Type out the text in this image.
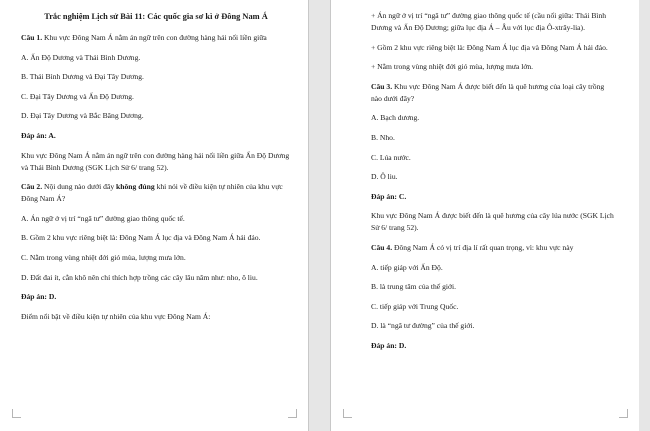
Trắc nghiệm Lịch sử Bài 11: Các quốc gia sơ kì ở Đông Nam Á
Câu 1. Khu vực Đông Nam Á nằm án ngữ trên con đường hàng hải nối liền giữa
A. Ấn Độ Dương và Thái Bình Dương.
B. Thái Bình Dương và Đại Tây Dương.
C. Đại Tây Dương và Ấn Độ Dương.
D. Đại Tây Dương và Bắc Băng Dương.
Đáp án: A.
Khu vực Đông Nam Á nằm án ngữ trên con đường hàng hải nối liền giữa Ấn Độ Dương và Thái Bình Dương (SGK Lịch Sử 6/ trang 52).
Câu 2. Nội dung nào dưới đây không đúng khi nói về điều kiện tự nhiên của khu vực Đông Nam Á?
A. Án ngữ ở vị trí “ngã tư” đường giao thông quốc tế.
B. Gồm 2 khu vực riêng biệt là: Đông Nam Á lục địa và Đông Nam Á hải đảo.
C. Nằm trong vùng nhiệt đới gió mùa, lượng mưa lớn.
D. Đất đai ít, cằn khô nên chỉ thích hợp trồng các cây lâu năm như: nho, ô liu.
Đáp án: D.
Điểm nổi bật về điều kiện tự nhiên của khu vực Đông Nam Á:
+ Án ngữ ở vị trí “ngã tư” đường giao thông quốc tế (cầu nối giữa: Thái Bình Dương và Ấn Độ Dương; giữa lục địa Á – Âu với lục địa Ô-xtrây-lia).
+ Gồm 2 khu vực riêng biệt là: Đông Nam Á lục địa và Đông Nam Á hải đảo.
+ Nằm trong vùng nhiệt đới gió mùa, lượng mưa lớn.
Câu 3. Khu vực Đông Nam Á được biết đến là quê hương của loại cây trồng nào dưới đây?
A. Bạch dương.
B. Nho.
C. Lúa nước.
D. Ô liu.
Đáp án: C.
Khu vực Đông Nam Á được biết đến là quê hương của cây lúa nước (SGK Lịch Sử 6/ trang 52).
Câu 4. Đông Nam Á có vị trí địa lí rất quan trọng, vì: khu vực này
A. tiếp giáp với Ấn Độ.
B. là trung tâm của thế giới.
C. tiếp giáp với Trung Quốc.
D. là “ngã tư đường” của thế giới.
Đáp án: D.
